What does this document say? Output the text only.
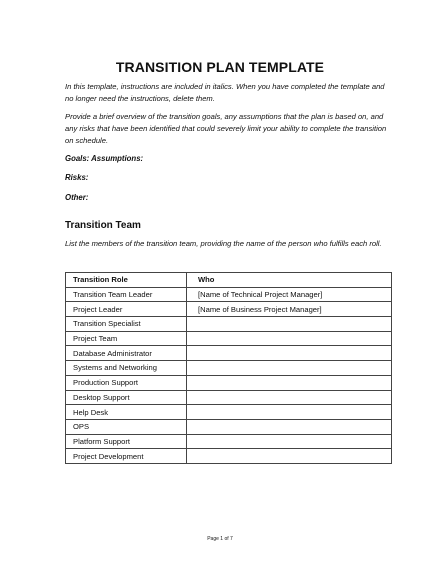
TRANSITION PLAN TEMPLATE

In this template, instructions are included in italics. When you have completed the template and no longer need the instructions, delete them.

Provide a brief overview of the transition goals, any assumptions that the plan is based on, and any risks that have been identified that could severely limit your ability to complete the transition on schedule.

Goals: Assumptions:
Risks:
Other:
Transition Team

List the members of the transition team, providing the name of the person who fulfills each roll.

Transition Role	Who
Transition Team Leader	[Name of Technical Project Manager]
Project Leader	[Name of Business Project Manager]
Transition Specialist	
Project Team	
Database Administrator	
Systems and Networking	
Production Support	
Desktop Support	
Help Desk	
OPS	
Platform Support	
Project Development	
Page 1 of 7
